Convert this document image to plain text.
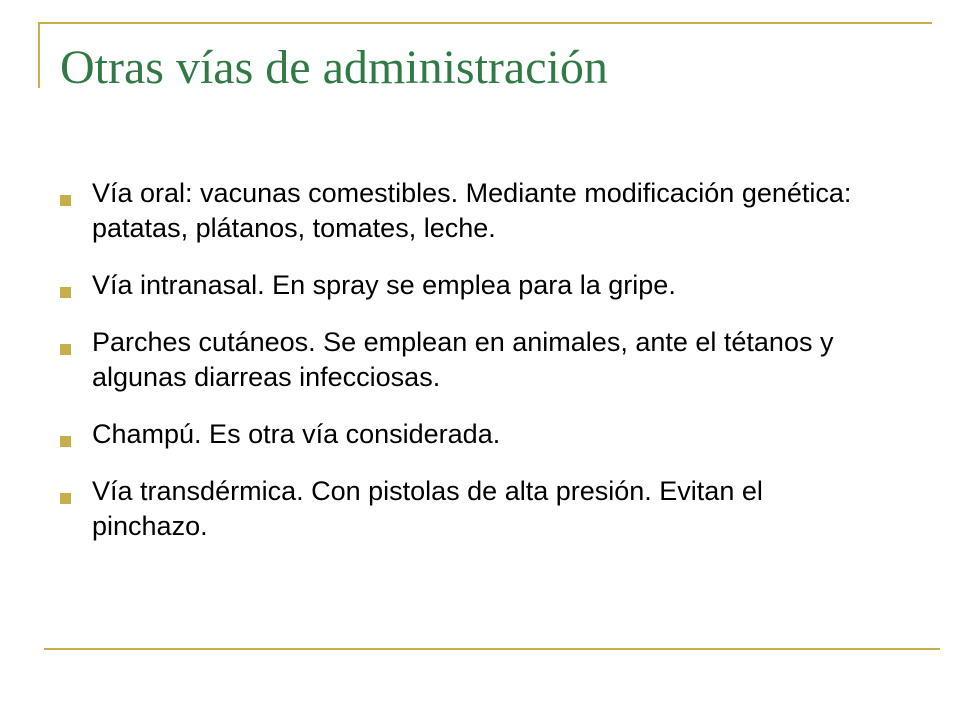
Otras vías de administración
Vía oral: vacunas comestibles. Mediante modificación genética: patatas, plátanos, tomates, leche.
Vía intranasal. En spray se emplea para la gripe.
Parches cutáneos. Se emplean en animales, ante el tétanos y algunas diarreas infecciosas.
Champú. Es otra vía considerada.
Vía transdérmica. Con pistolas de alta presión. Evitan el pinchazo.
